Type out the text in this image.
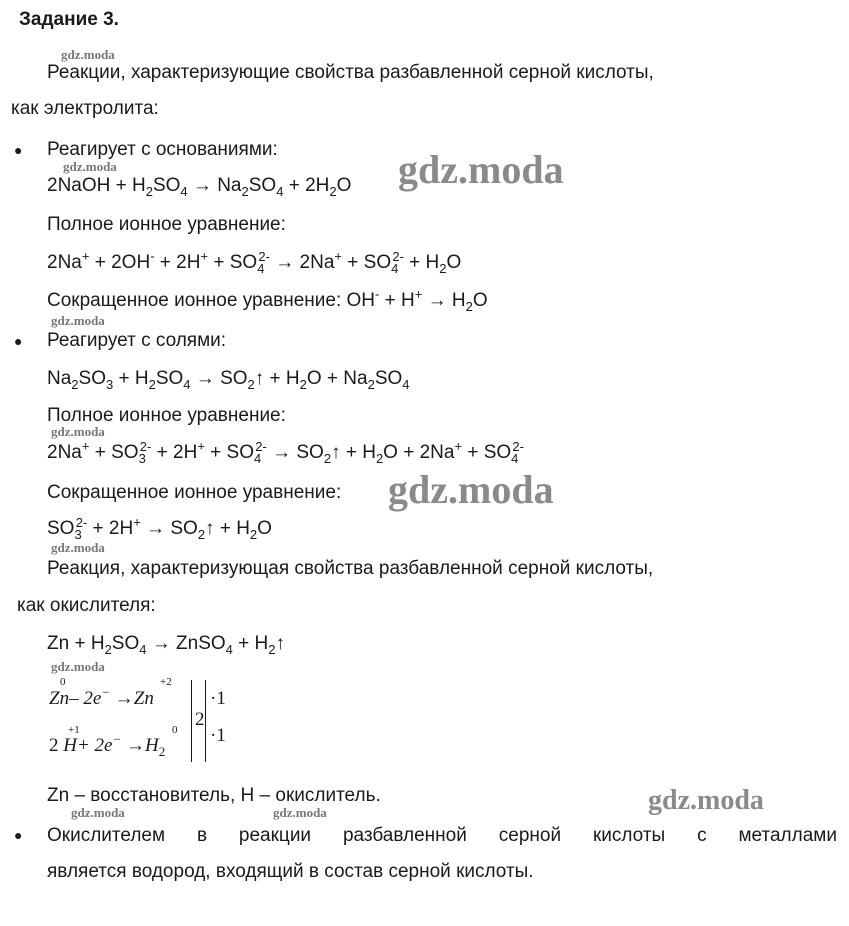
Задание 3.
gdz.moda
gdz.moda
gdz.moda
gdz.moda
gdz.moda
gdz.moda
gdz.moda	gdz.moda
gdz.moda
gdz.moda
gdz.moda
Реакции, характеризующие свойства разбавленной серной кислоты,
как электролита:
● Реагирует с основаниями:
2NaOH + $H_2SO_4 \to Na_2SO_4 + 2H_2O$
Полное ионное уравнение:
$2Na^+ + 2OH^- + 2H^+ + SO_4^{2-} \to 2Na^+ + SO_4^{2-} + H_2O$
Сокращенное ионное уравнение: $OH^- + H^+ \to H_2O$
● Реагирует с солями:
$Na_2SO_3 + H_2SO_4$ → $SO_2↑ + H_2O + Na_2SO_4$
Полное ионное уравнение:
$2Na^+ + SO_3^{2-} + 2H^+ + SO_4^{2-}$ → $SO_2↑ + H_2O + 2Na^+ + SO_4^{2-}$
Сокращенное ионное уравнение:
$SO_3^{2-} + 2H^+$ → $SO_2↑ + H_2O$
Реакция, характеризующая свойства разбавленной серной кислоты,
как окислителя:
$Zn + H_2SO_4$ → ZnSO$_4$ + $H_2↑$
0	+2
Zn– 2e− →Zn
+1	0
2 $H+ 2e^- \to H_2$
2
·1
·1
Zn – восстановитель, H – окислитель.
● Окислителем в реакции разбавленной серной кислоты с металлами
является водород, входящий в состав серной кислоты.
